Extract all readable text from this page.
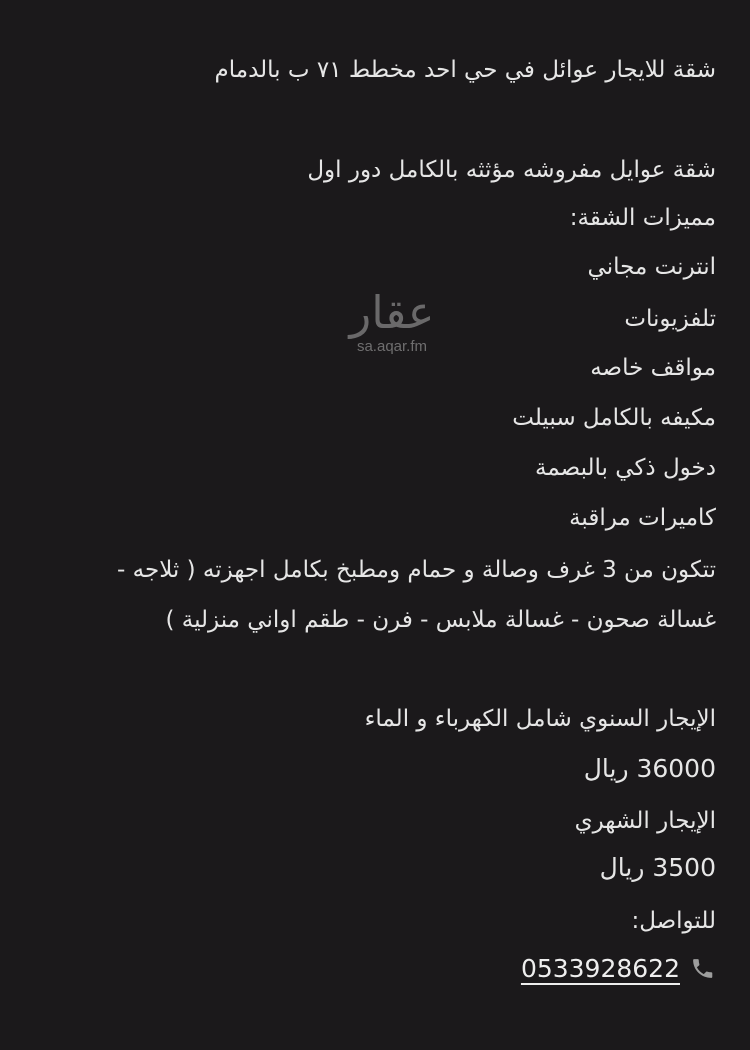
شقة للايجار عوائل في حي احد مخطط ٧١ ب بالدمام
شقة عوايل مفروشه مؤثثه بالكامل دور اول
مميزات الشقة:
انترنت مجاني
تلفزيونات
مواقف خاصه
مكيفه بالكامل سبيلت
دخول ذكي بالبصمة
كاميرات مراقبة
تتكون من 3 غرف وصالة و حمام ومطبخ بكامل اجهزته ( ثلاجه -
غسالة صحون - غسالة ملابس - فرن - طقم اواني منزلية )
الإيجار السنوي شامل الكهرباء و الماء
36000 ريال
الإيجار الشهري
3500 ريال
للتواصل:
0533928622
عقار
sa.aqar.fm
